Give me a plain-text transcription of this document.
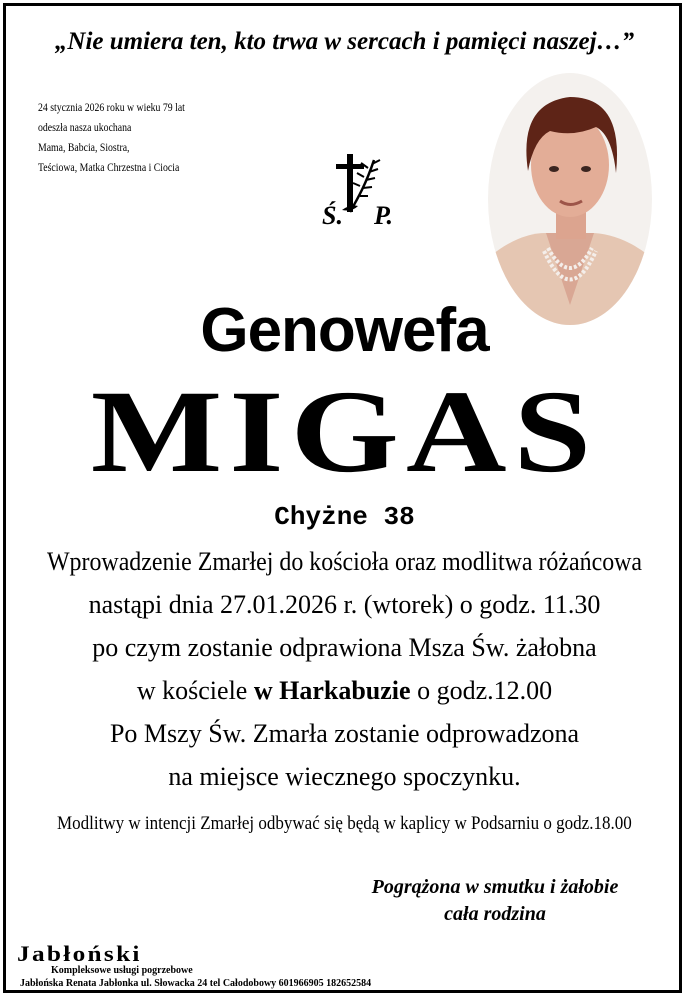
„Nie umiera ten, kto trwa w sercach i pamięci naszej…”
24 stycznia 2026 roku w wieku 79 lat
odeszła nasza ukochana
Mama, Babcia, Siostra,
Teściowa, Matka Chrzestna i Ciocia
Ś. P.
Genowefa
MIGAS
Chyżne 38
Wprowadzenie Zmarłej do kościoła oraz modlitwa różańcowa
nastąpi dnia 27.01.2026 r. (wtorek) o godz. 11.30
po czym zostanie odprawiona Msza Św. żałobna
w kościele w Harkabuzie o godz.12.00
Po Mszy Św. Zmarła zostanie odprowadzona
na miejsce wiecznego spoczynku.
Modlitwy w intencji Zmarłej odbywać się będą w kaplicy w Podsarniu o godz.18.00
Pogrążona w smutku i żałobie
cała rodzina
Jabłoński
Kompleksowe usługi pogrzebowe
Jabłońska Renata Jabłonka ul. Słowacka 24 tel Całodobowy 601966905 182652584
